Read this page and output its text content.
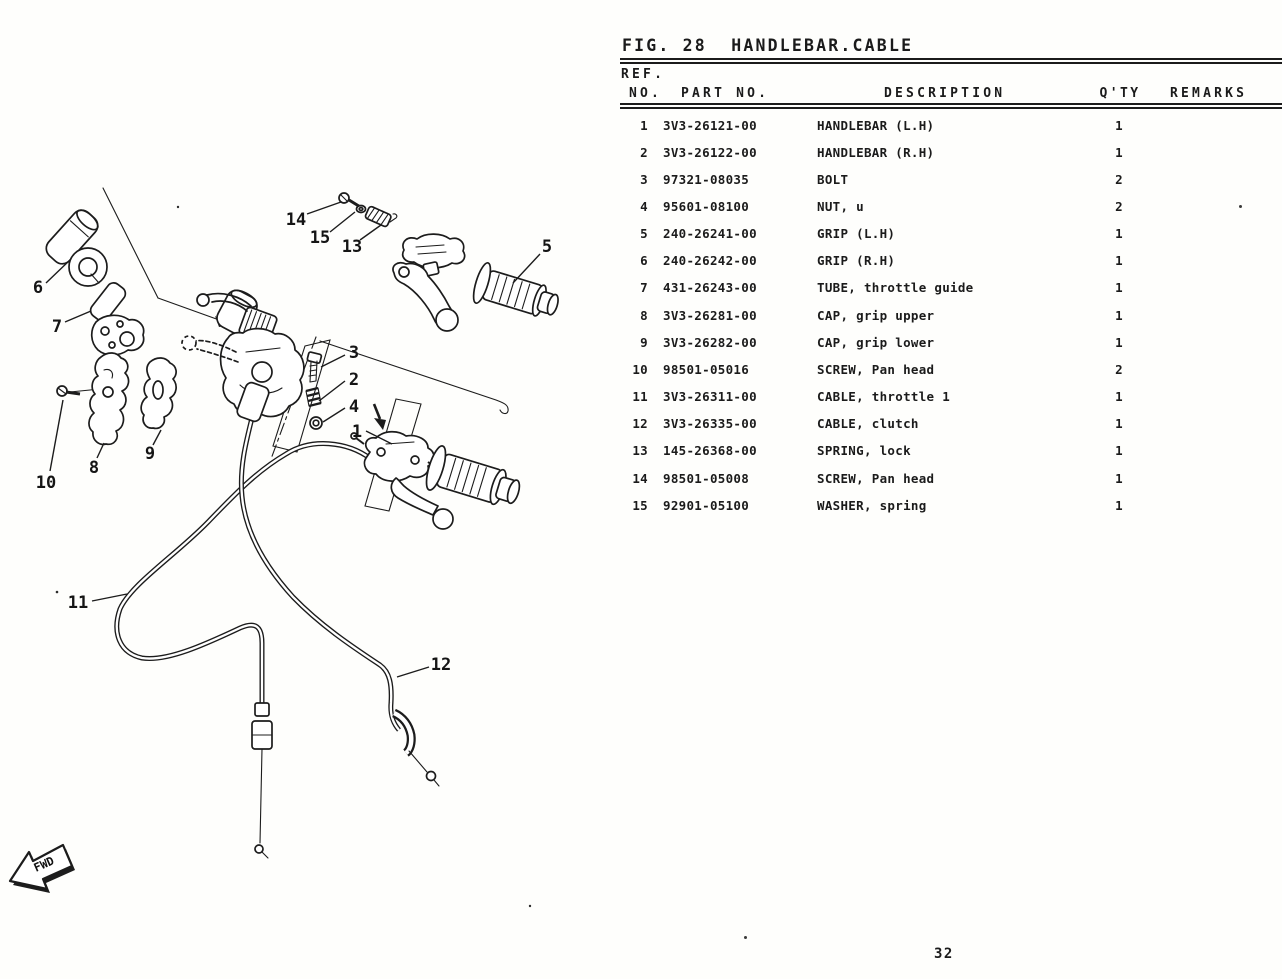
FWD
1
2
3
4
5
6
7
8
9
10
11
12
13
14
15
FIG. 28  HANDLEBAR.CABLE
REF.
NO. PART NO.	DESCRIPTION	Q'TY	REMARKS
1 3V3-26121-00	HANDLEBAR (L.H)	1
2 3V3-26122-00	HANDLEBAR (R.H)	1
3 97321-08035	BOLT	2
4 95601-08100	NUT, u	2
5 240-26241-00	GRIP (L.H)	1
6 240-26242-00	GRIP (R.H)	1
7 431-26243-00	TUBE, throttle guide	1
8 3V3-26281-00	CAP, grip upper	1
9 3V3-26282-00	CAP, grip lower	1
10 98501-05016	SCREW, Pan head	2
11 3V3-26311-00	CABLE, throttle 1	1
12 3V3-26335-00	CABLE, clutch	1
13 145-26368-00	SPRING, lock	1
14 98501-05008	SCREW, Pan head	1
15 92901-05100	WASHER, spring	1
32
